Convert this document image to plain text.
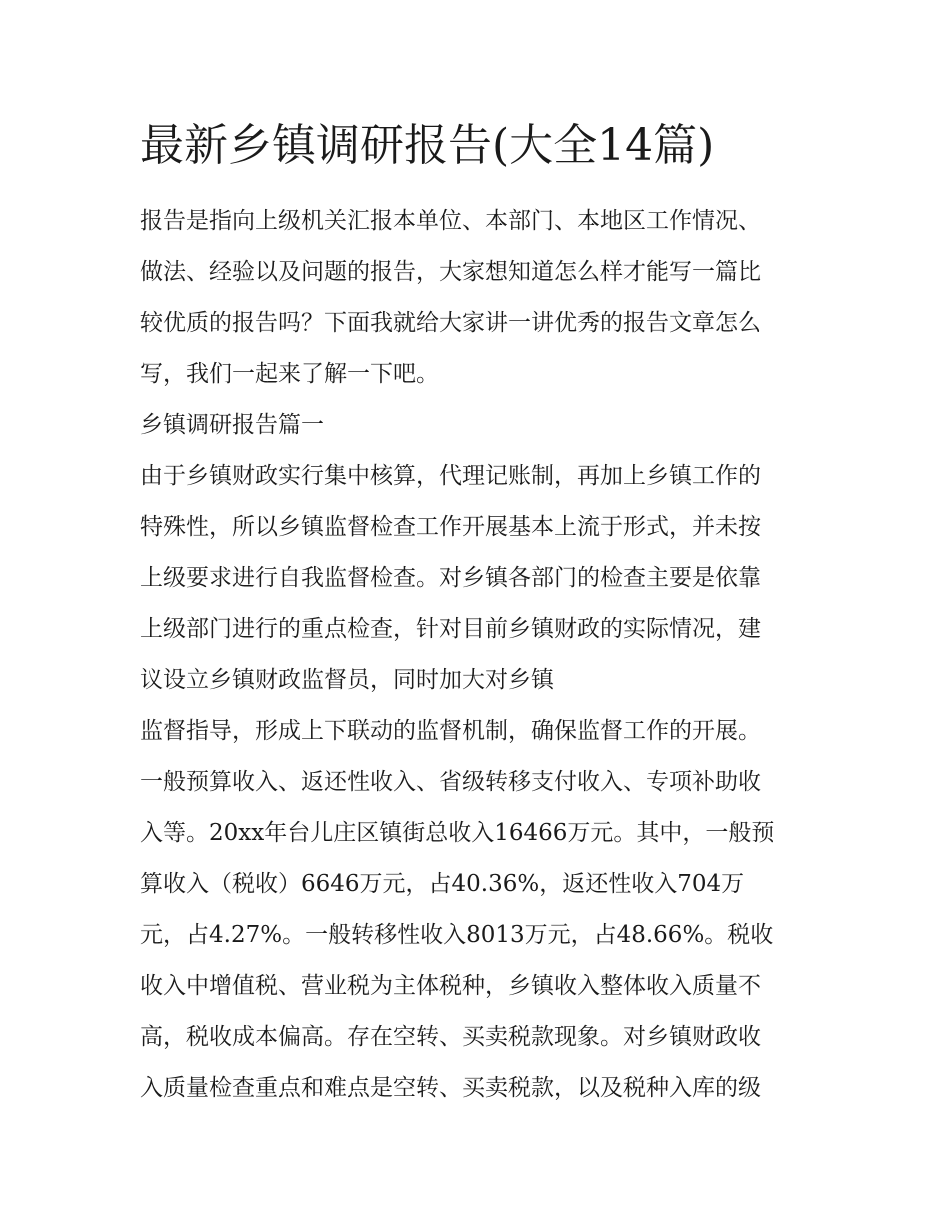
最新乡镇调研报告(大全14篇)

报告是指向上级机关汇报本单位、本部门、本地区工作情况、

做法、经验以及问题的报告，大家想知道怎么样才能写一篇比

较优质的报告吗？下面我就给大家讲一讲优秀的报告文章怎么

写，我们一起来了解一下吧。

乡镇调研报告篇一

由于乡镇财政实行集中核算，代理记账制，再加上乡镇工作的

特殊性，所以乡镇监督检查工作开展基本上流于形式，并未按

上级要求进行自我监督检查。对乡镇各部门的检查主要是依靠

上级部门进行的重点检查，针对目前乡镇财政的实际情况，建

议设立乡镇财政监督员，同时加大对乡镇

监督指导，形成上下联动的监督机制，确保监督工作的开展。

一般预算收入、返还性收入、省级转移支付收入、专项补助收

入等。20xx年台儿庄区镇街总收入16466万元。其中，一般预

算收入（税收）6646万元，占40.36%，返还性收入704万

元，占4.27%。一般转移性收入8013万元，占48.66%。税收

收入中增值税、营业税为主体税种，乡镇收入整体收入质量不

高，税收成本偏高。存在空转、买卖税款现象。对乡镇财政收

入质量检查重点和难点是空转、买卖税款，以及税种入库的级
